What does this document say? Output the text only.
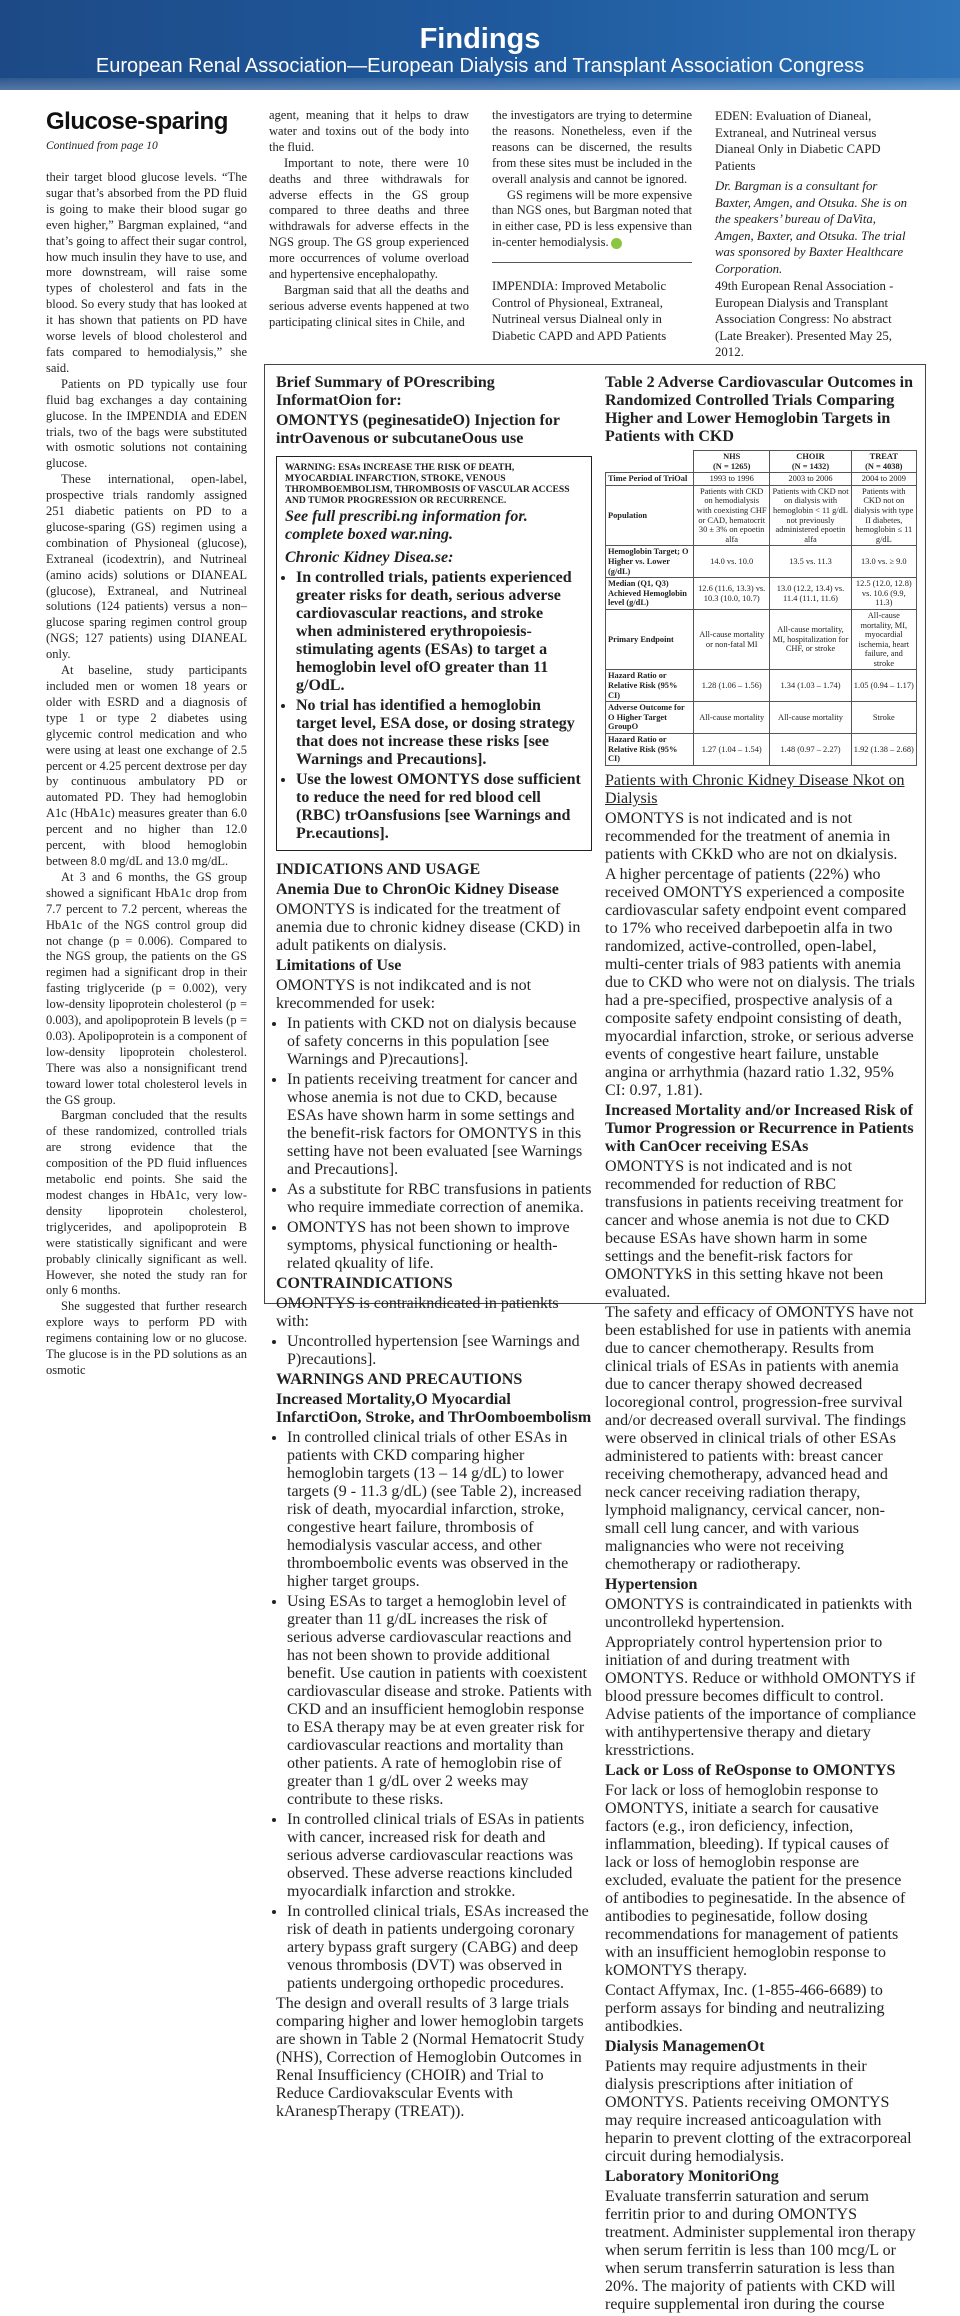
Findings
European Renal Association—European Dialysis and Transplant Association Congress
Glucose-sparing
Continued from page 10

their target blood glucose levels. “The sugar that’s absorbed from the PD fluid is going to make their blood sugar go even higher,” Bargman explained, “and that’s going to affect their sugar control, how much insulin they have to use, and more downstream, will raise some types of cholesterol and fats in the blood. So every study that has looked at it has shown that patients on PD have worse levels of blood cholesterol and fats compared to hemodialysis,” she said.

Patients on PD typically use four fluid bag exchanges a day containing glucose. In the IMPENDIA and EDEN trials, two of the bags were substituted with osmotic solutions not containing glucose.

These international, open-label, prospective trials randomly assigned 251 diabetic patients on PD to a glucose-sparing (GS) regimen using a combination of Physioneal (glucose), Extraneal (icodextrin), and Nutrineal (amino acids) solutions or DIANEAL (glucose), Extraneal, and Nutrineal solutions (124 patients) versus a non–glucose sparing regimen control group (NGS; 127 patients) using DIANEAL only.

At baseline, study participants included men or women 18 years or older with ESRD and a diagnosis of type 1 or type 2 diabetes using glycemic control medication and who were using at least one exchange of 2.5 percent or 4.25 percent dextrose per day by continuous ambulatory PD or automated PD. They had hemoglobin A1c (HbA1c) measures greater than 6.0 percent and no higher than 12.0 percent, with blood hemoglobin between 8.0 mg/dL and 13.0 mg/dL.

At 3 and 6 months, the GS group showed a significant HbA1c drop from 7.7 percent to 7.2 percent, whereas the HbA1c of the NGS control group did not change (p = 0.006). Compared to the NGS group, the patients on the GS regimen had a significant drop in their fasting triglyceride (p = 0.002), very low-density lipoprotein cholesterol (p = 0.003), and apolipoprotein B levels (p = 0.03). Apolipoprotein is a component of low-density lipoprotein cholesterol. There was also a nonsignificant trend toward lower total cholesterol levels in the GS group.

Bargman concluded that the results of these randomized, controlled trials are strong evidence that the composition of the PD fluid influences metabolic end points. She said the modest changes in HbA1c, very low-density lipoprotein cholesterol, triglycerides, and apolipoprotein B were statistically significant and were probably clinically significant as well. However, she noted the study ran for only 6 months.

She suggested that further research explore ways to perform PD with regimens containing low or no glucose. The glucose is in the PD solutions as an osmotic

agent, meaning that it helps to draw water and toxins out of the body into the fluid.

Important to note, there were 10 deaths and three withdrawals for adverse effects in the GS group compared to three deaths and three withdrawals for adverse effects in the NGS group. The GS group experienced more occurrences of volume overload and hypertensive encephalopathy.

Bargman said that all the deaths and serious adverse events happened at two participating clinical sites in Chile, and

the investigators are trying to determine the reasons. Nonetheless, even if the reasons can be discerned, the results from these sites must be included in the overall analysis and cannot be ignored.

GS regimens will be more expensive than NGS ones, but Bargman noted that in either case, PD is less expensive than in-center hemodialysis.

IMPENDIA: Improved Metabolic Control of Physioneal, Extraneal, Nutrineal versus Dialneal only in Diabetic CAPD and APD Patients
EDEN: Evaluation of Dianeal, Extraneal, and Nutrineal versus Dianeal Only in Diabetic CAPD Patients
Dr. Bargman is a consultant for Baxter, Amgen, and Otsuka. She is on the speakers’ bureau of DaVita, Amgen, Baxter, and Otsuka. The trial was sponsored by Baxter Healthcare Corporation.
49th European Renal Association - European Dialysis and Transplant Association Congress: No abstract (Late Breaker). Presented May 25, 2012.

Brief Summary of POrescribing InformatOion for:

OMONTYS (peginesatideO) Injection for intrOavenous or subcutaneOous use

WARNING: ESAs INCREASE THE RISK OF DEATH, MYOCARDIAL INFARCTION, STROKE, VENOUS THROMBOEMBOLISM, THROMBOSIS OF VASCULAR ACCESS AND TUMOR PROGRESSION OR RECURRENCE.

See full prescribi.ng information for. complete boxed war.ning.

Chronic Kidney Disea.se:

• In controlled trials, patients experienced greater risks for death, serious adverse cardiovascular reactions, and stroke when administered erythropoiesis-stimulating agents (ESAs) to target a hemoglobin level ofO greater than 11 g/OdL.
• No trial has identified a hemoglobin target level, ESA dose, or dosing strategy that does not increase these risks [see Warnings and Precautions].
• Use the lowest OMONTYS dose sufficient to reduce the need for red blood cell (RBC) trOansfusions [see Warnings and Pr.ecautions].

INDICATIONS AND USAGE

Anemia Due to ChronOic Kidney Disease

OMONTYS is indicated for the treatment of anemia due to chronic kidney disease (CKD) in adult patikents on dialysis.

Limitations of Use

OMONTYS is not indikcated and is not krecommended for usek:

• In patients with CKD not on dialysis because of safety concerns in this population [see Warnings and P)recautions].
• In patients receiving treatment for cancer and whose anemia is not due to CKD, because ESAs have shown harm in some settings and the benefit-risk factors for OMONTYS in this setting have not been evaluated [see Warnings and Precautions].
• As a substitute for RBC transfusions in patients who require immediate correction of anemika.
• OMONTYS has not been shown to improve symptoms, physical functioning or health-related qkuality of life.

CONTRAINDICATIONS

OMONTYS is contraikndicated in patienkts with:

• Uncontrolled hypertension [see Warnings and P)recautions].

WARNINGS AND PRECAUTIONS

Increased Mortality,O Myocardial InfarctiOon, Stroke, and ThrOomboembolism

• In controlled clinical trials of other ESAs in patients with CKD comparing higher hemoglobin targets (13 – 14 g/dL) to lower targets (9 - 11.3 g/dL) (see Table 2), increased risk of death, myocardial infarction, stroke, congestive heart failure, thrombosis of hemodialysis vascular access, and other thromboembolic events was observed in the higher target groups.
• Using ESAs to target a hemoglobin level of greater than 11 g/dL increases the risk of serious adverse cardiovascular reactions and has not been shown to provide additional benefit. Use caution in patients with coexistent cardiovascular disease and stroke. Patients with CKD and an insufficient hemoglobin response to ESA therapy may be at even greater risk for cardiovascular reactions and mortality than other patients. A rate of hemoglobin rise of greater than 1 g/dL over 2 weeks may contribute to these risks.
• In controlled clinical trials of ESAs in patients with cancer, increased risk for death and serious adverse cardiovascular reactions was observed. These adverse reactions kincluded myocardialk infarction and strokke.
• In controlled clinical trials, ESAs increased the risk of death in patients undergoing coronary artery bypass graft surgery (CABG) and deep venous thrombosis (DVT) was observed in patients undergoing orthopedic procedures.

The design and overall results of 3 large trials comparing higher and lower hemoglobin targets are shown in Table 2 (Normal Hematocrit Study (NHS), Correction of Hemoglobin Outcomes in Renal Insufficiency (CHOIR) and Trial to Reduce Cardiovakscular Events with kAranespTherapy (TREAT)).

Table 2 Adverse Cardiovascular Outcomes in Randomized Controlled Trials Comparing Higher and Lower Hemoglobin Targets in Patients with CKD

	NHS
(N = 1265)	CHOIR
(N = 1432)	TREAT
(N = 4038)
Time Period of TriOal	1993 to 1996	2003 to 2006	2004 to 2009
Population	Patients with CKD on hemodialysis with coexisting CHF or CAD, hematocrit 30 ± 3% on epoetin alfa	Patients with CKD not on dialysis with hemoglobin < 11 g/dL not previously administered epoetin alfa	Patients with CKD not on dialysis with type II diabetes, hemoglobin ≤ 11 g/dL
Hemoglobin Target; O Higher vs. Lower (g/dL)	14.0 vs. 10.0	13.5 vs. 11.3	13.0 vs. ≥ 9.0
Median (Q1, Q3) Achieved Hemoglobin level (g/dL)	12.6 (11.6, 13.3) vs. 10.3 (10.0, 10.7)	13.0 (12.2, 13.4) vs. 11.4 (11.1, 11.6)	12.5 (12.0, 12.8) vs. 10.6 (9.9, 11.3)
Primary Endpoint	All-cause mortality or non-fatal MI	All-cause mortality, MI, hospitalization for CHF, or stroke	All-cause mortality, MI, myocardial ischemia, heart failure, and stroke
Hazard Ratio or Relative Risk (95% CI)	1.28 (1.06 – 1.56)	1.34 (1.03 – 1.74)	1.05 (0.94 – 1.17)
Adverse Outcome for O Higher Target GroupO	All-cause mortality	All-cause mortality	Stroke
Hazard Ratio or Relative Risk (95% CI)	1.27 (1.04 – 1.54)	1.48 (0.97 – 2.27)	1.92 (1.38 – 2.68)

Patients with Chronic Kidney Disease Nkot on Dialysis

OMONTYS is not indicated and is not recommended for the treatment of anemia in patients with CKkD who are not on dkialysis.

A higher percentage of patients (22%) who received OMONTYS experienced a composite cardiovascular safety endpoint event compared to 17% who received darbepoetin alfa in two randomized, active-controlled, open-label, multi-center trials of 983 patients with anemia due to CKD who were not on dialysis. The trials had a pre-specified, prospective analysis of a composite safety endpoint consisting of death, myocardial infarction, stroke, or serious adverse events of congestive heart failure, unstable angina or arrhythmia (hazard ratio 1.32, 95% CI: 0.97, 1.81).

Increased Mortality and/or Increased Risk of Tumor Progression or Recurrence in Patients with CanOcer receiving ESAs

OMONTYS is not indicated and is not recommended for reduction of RBC transfusions in patients receiving treatment for cancer and whose anemia is not due to CKD because ESAs have shown harm in some settings and the benefit-risk factors for OMONTYkS in this setting hkave not been evaluated.

The safety and efficacy of OMONTYS have not been established for use in patients with anemia due to cancer chemotherapy. Results from clinical trials of ESAs in patients with anemia due to cancer therapy showed decreased locoregional control, progression-free survival and/or decreased overall survival. The findings were observed in clinical trials of other ESAs administered to patients with: breast cancer receiving chemotherapy, advanced head and neck cancer receiving radiation therapy, lymphoid malignancy, cervical cancer, non-small cell lung cancer, and with various malignancies who were not receiving chemotherapy or radiotherapy.

Hypertension

OMONTYS is contraindicated in patienkts with uncontrollekd hypertension.

Appropriately control hypertension prior to initiation of and during treatment with OMONTYS. Reduce or withhold OMONTYS if blood pressure becomes difficult to control. Advise patients of the importance of compliance with antihypertensive therapy and dietary kresstrictions.

Lack or Loss of ReOsponse to OMONTYS

For lack or loss of hemoglobin response to OMONTYS, initiate a search for causative factors (e.g., iron deficiency, infection, inflammation, bleeding). If typical causes of lack or loss of hemoglobin response are excluded, evaluate the patient for the presence of antibodies to peginesatide. In the absence of antibodies to peginesatide, follow dosing recommendations for management of patients with an insufficient hemoglobin response to kOMONTYS therapy.

Contact Affymax, Inc. (1-855-466-6689) to perform assays for binding and neutralizing antibodkies.

Dialysis ManagemenOt

Patients may require adjustments in their dialysis prescriptions after initiation of OMONTYS. Patients receiving OMONTYS may require increased anticoagulation with heparin to prevent clotting of the extracorporeal circuit during hemodialysis.

Laboratory MonitoriOng

Evaluate transferrin saturation and serum ferritin prior to and during OMONTYS treatment. Administer supplemental iron therapy when serum ferritin is less than 100 mcg/L or when serum transferrin saturation is less than 20%. The majority of patients with CKD will require supplemental iron during the course
